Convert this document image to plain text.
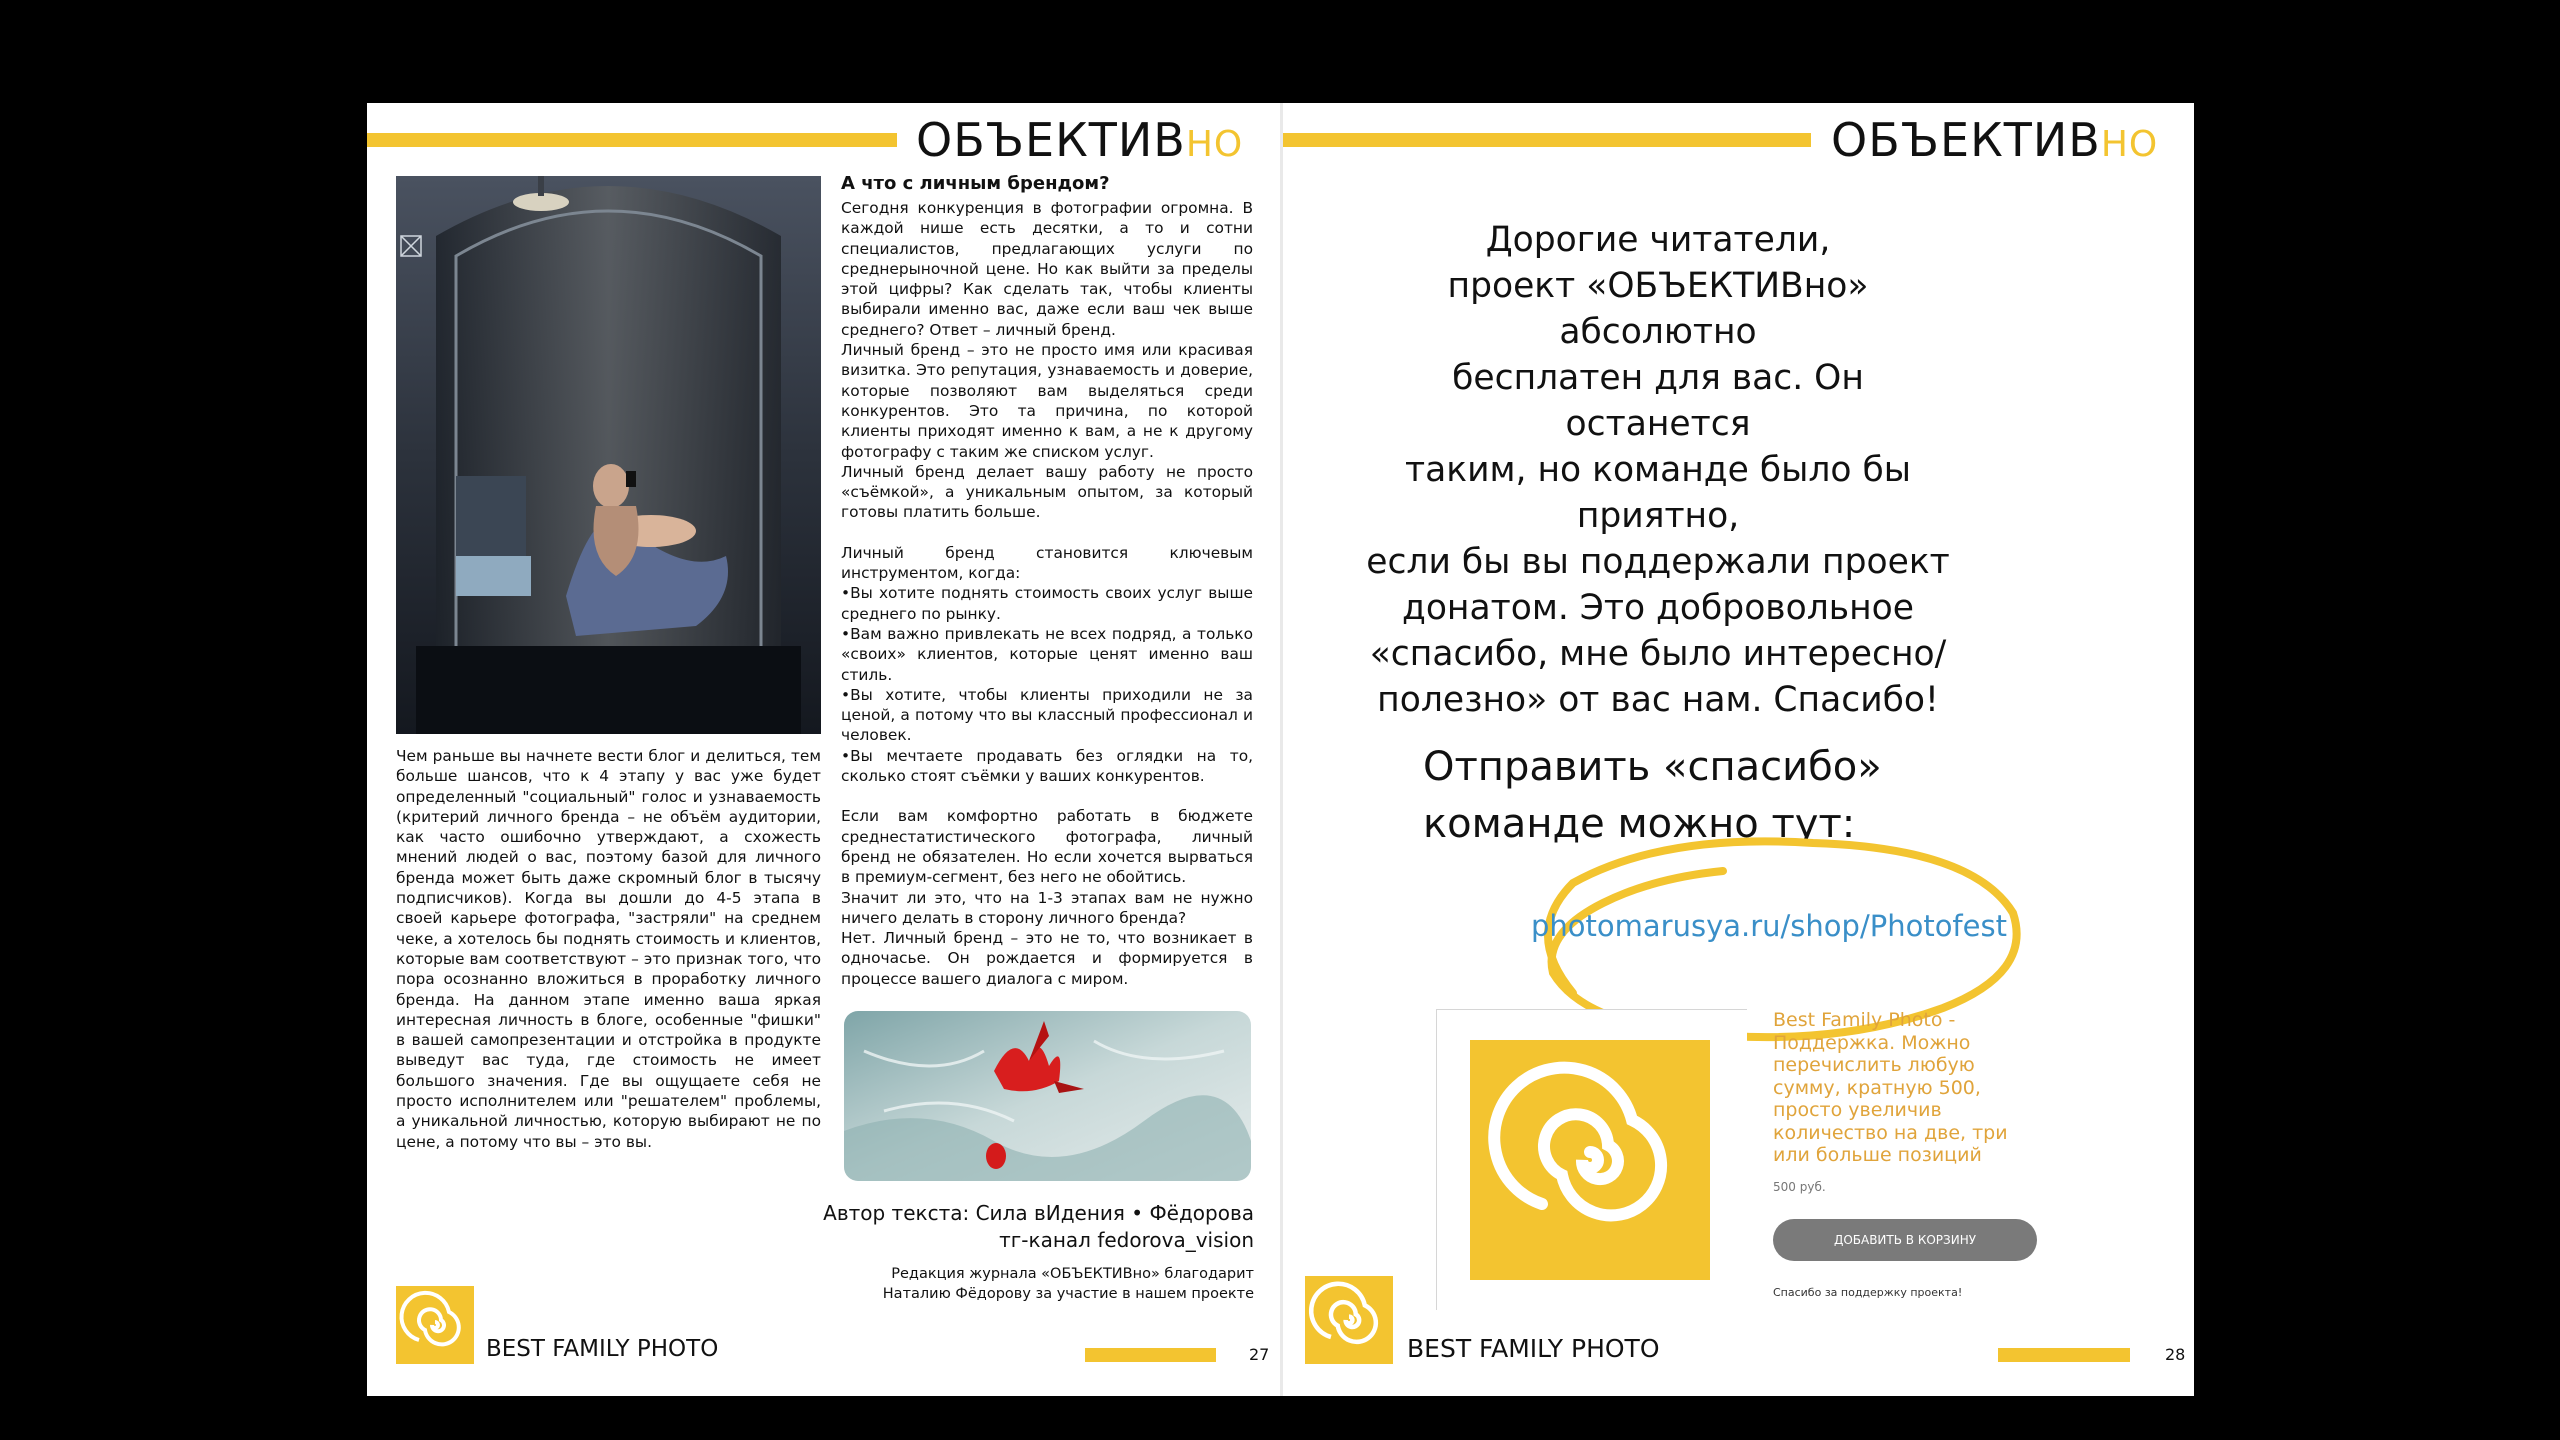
ОБЪЕКТИВНО
А что с личным брендом?

Сегодня конкуренция в фотографии огромна. В каждой нише есть десятки, а то и сотни специалистов, предлагающих услуги по среднерыночной цене. Но как выйти за пределы этой цифры? Как сделать так, чтобы клиенты выбирали именно вас, даже если ваш чек выше среднего? Ответ – личный бренд.

Личный бренд – это не просто имя или красивая визитка. Это репутация, узнаваемость и доверие, которые позволяют вам выделяться среди конкурентов. Это та причина, по которой клиенты приходят именно к вам, а не к другому фотографу с таким же списком услуг.

Личный бренд делает вашу работу не просто «съёмкой», а уникальным опытом, за который готовы платить больше.

Личный бренд становится ключевым инструментом, когда:

•Вы хотите поднять стоимость своих услуг выше среднего по рынку.

•Вам важно привлекать не всех подряд, а только «своих» клиентов, которые ценят именно ваш стиль.

•Вы хотите, чтобы клиенты приходили не за ценой, а потому что вы классный профессионал и человек.

•Вы мечтаете продавать без оглядки на то, сколько стоят съёмки у ваших конкурентов.

Если вам комфортно работать в бюджете среднестатистического фотографа, личный бренд не обязателен. Но если хочется вырваться в премиум-сегмент, без него не обойтись.

Значит ли это, что на 1-3 этапах вам не нужно ничего делать в сторону личного бренда?

Нет. Личный бренд – это не то, что возникает в одночасье. Он рождается и формируется в процессе вашего диалога с миром.

Чем раньше вы начнете вести блог и делиться, тем больше шансов, что к 4 этапу у вас уже будет определенный "социальный" голос и узнаваемость (критерий личного бренда – не объём аудитории, как часто ошибочно утверждают, а схожесть мнений людей о вас, поэтому базой для личного бренда может быть даже скромный блог в тысячу подписчиков). Когда вы дошли до 4-5 этапа в своей карьере фотографа, "застряли" на среднем чеке, а хотелось бы поднять стоимость и клиентов, которые вам соответствуют – это признак того, что пора осознанно вложиться в проработку личного бренда. На данном этапе именно ваша яркая интересная личность в блоге, особенные "фишки" в вашей самопрезентации и отстройка в продукте выведут вас туда, где стоимость не имеет большого значения. Где вы ощущаете себя не просто исполнителем или "решателем" проблемы, а уникальной личностью, которую выбирают не по цене, а потому что вы – это вы.
Автор текста: Сила вИдения • Фёдорова
тг-канал fedorova_vision
Редакция журнала «ОБЪЕКТИВно» благодарит
Наталию Фёдорову за участие в нашем проекте
BEST FAMILY PHOTO	27
ОБЪЕКТИВНО
Дорогие читатели,
проект «ОБЪЕКТИВно» абсолютно
бесплатен для вас. Он останется
таким, но команде было бы приятно,
если бы вы поддержали проект
донатом. Это добровольное
«спасибо, мне было интересно/
полезно» от вас нам. Спасибо!
Отправить «спасибо»
команде можно тут:
photomarusya.ru/shop/Photofest
Best Family Photo - Поддержка. Можно перечислить любую сумму, кратную 500, просто увеличив количество на две, три или больше позиций
500 руб.
ДОБАВИТЬ В КОРЗИНУ
Спасибо за поддержку проекта!
BEST FAMILY PHOTO	28
